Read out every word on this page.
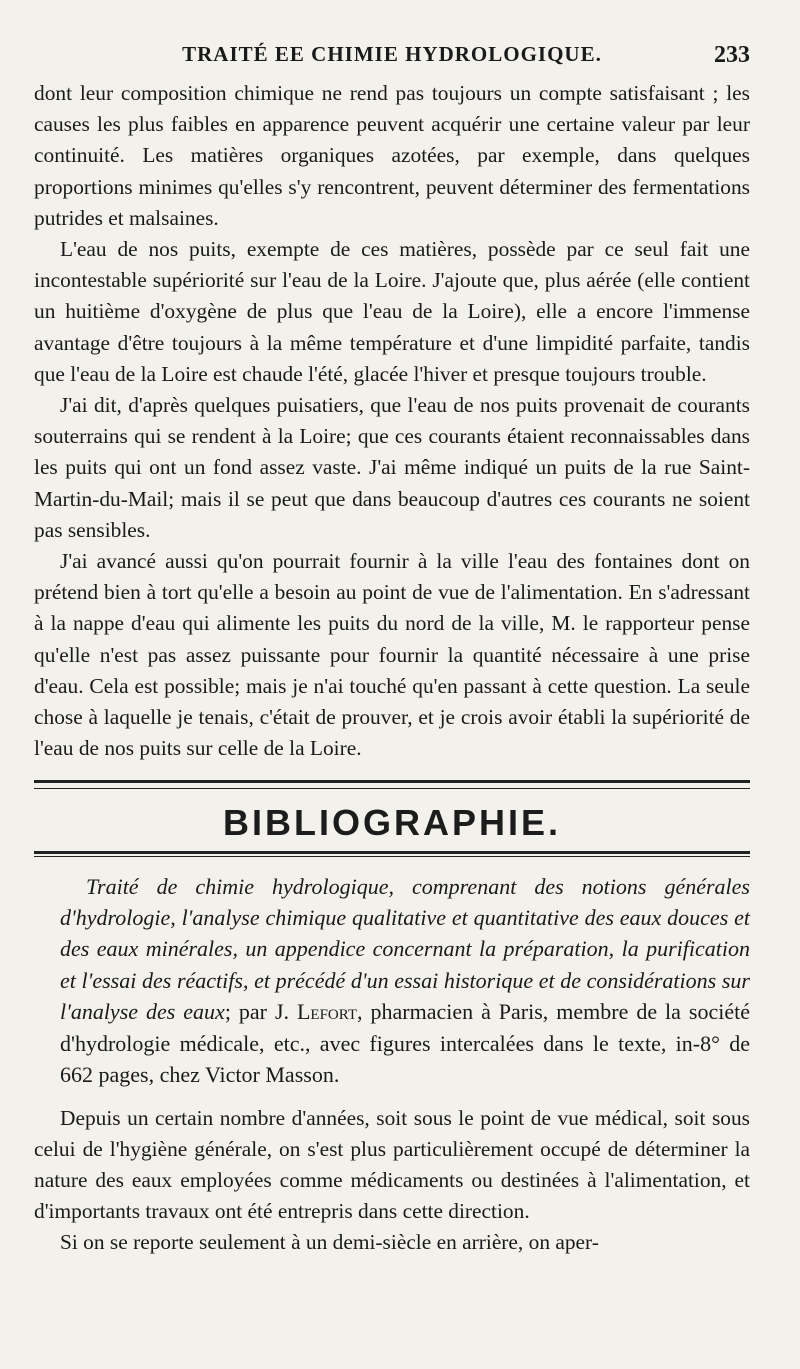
TRAITÉ EE CHIMIE HYDROLOGIQUE.	233

dont leur composition chimique ne rend pas toujours un compte satisfaisant ; les causes les plus faibles en apparence peuvent acquérir une certaine valeur par leur continuité. Les matières organiques azotées, par exemple, dans quelques proportions minimes qu'elles s'y rencontrent, peuvent déterminer des fermentations putrides et malsaines.

L'eau de nos puits, exempte de ces matières, possède par ce seul fait une incontestable supériorité sur l'eau de la Loire. J'ajoute que, plus aérée (elle contient un huitième d'oxygène de plus que l'eau de la Loire), elle a encore l'immense avantage d'être toujours à la même température et d'une limpidité parfaite, tandis que l'eau de la Loire est chaude l'été, glacée l'hiver et presque toujours trouble.

J'ai dit, d'après quelques puisatiers, que l'eau de nos puits provenait de courants souterrains qui se rendent à la Loire; que ces courants étaient reconnaissables dans les puits qui ont un fond assez vaste. J'ai même indiqué un puits de la rue Saint-Martin-du-Mail; mais il se peut que dans beaucoup d'autres ces courants ne soient pas sensibles.

J'ai avancé aussi qu'on pourrait fournir à la ville l'eau des fontaines dont on prétend bien à tort qu'elle a besoin au point de vue de l'alimentation. En s'adressant à la nappe d'eau qui alimente les puits du nord de la ville, M. le rapporteur pense qu'elle n'est pas assez puissante pour fournir la quantité nécessaire à une prise d'eau. Cela est possible; mais je n'ai touché qu'en passant à cette question. La seule chose à laquelle je tenais, c'était de prouver, et je crois avoir établi la supériorité de l'eau de nos puits sur celle de la Loire.

BIBLIOGRAPHIE.

Traité de chimie hydrologique, comprenant des notions générales d'hydrologie, l'analyse chimique qualitative et quantitative des eaux douces et des eaux minérales, un appendice concernant la préparation, la purification et l'essai des réactifs, et précédé d'un essai historique et de considérations sur l'analyse des eaux; par J. Lefort, pharmacien à Paris, membre de la société d'hydrologie médicale, etc., avec figures intercalées dans le texte, in-8° de 662 pages, chez Victor Masson.

Depuis un certain nombre d'années, soit sous le point de vue médical, soit sous celui de l'hygiène générale, on s'est plus particulièrement occupé de déterminer la nature des eaux employées comme médicaments ou destinées à l'alimentation, et d'importants travaux ont été entrepris dans cette direction.

Si on se reporte seulement à un demi-siècle en arrière, on aper-
